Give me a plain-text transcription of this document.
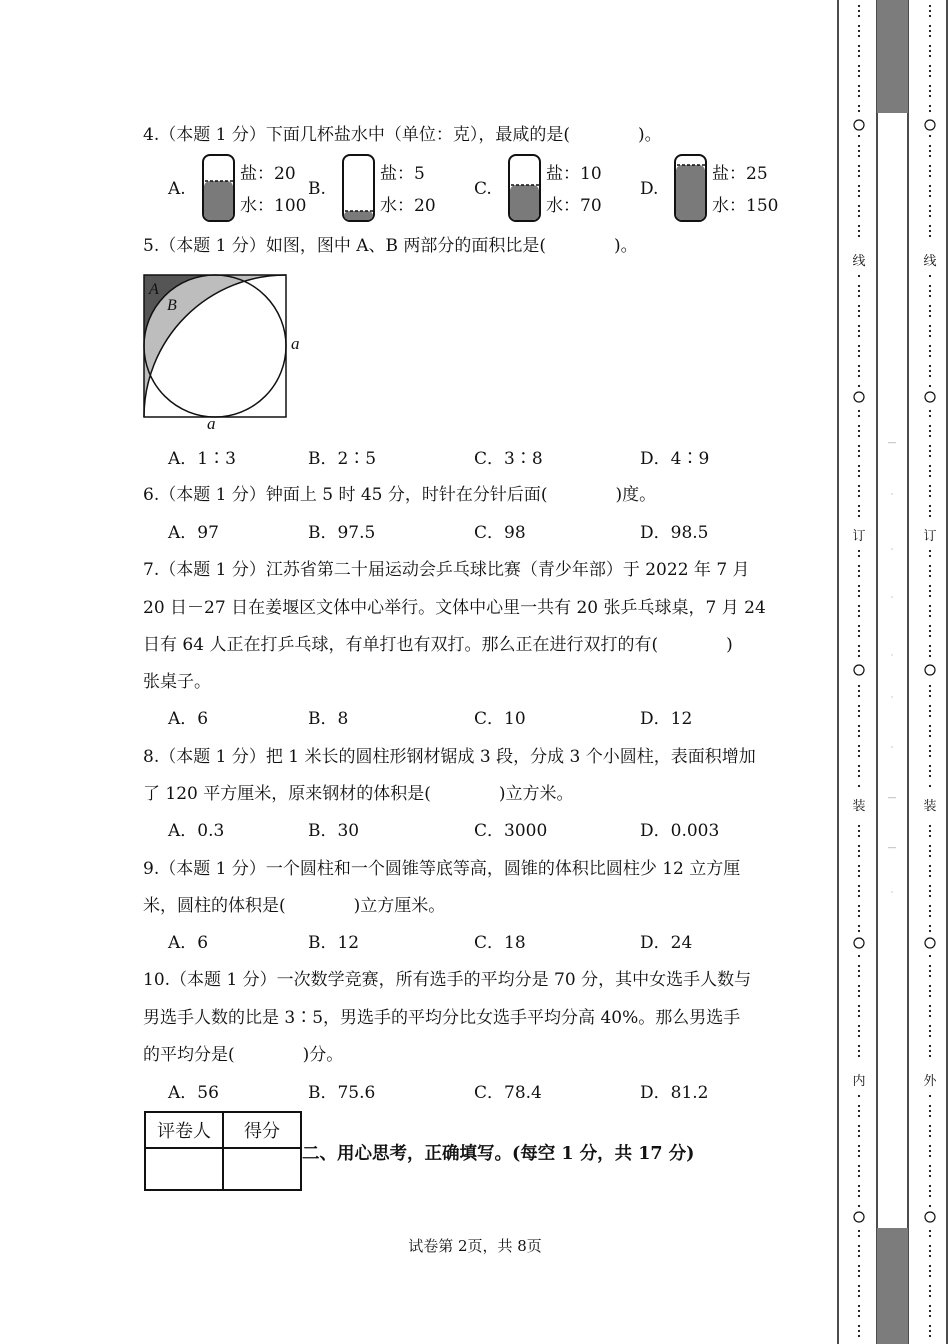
4.（本题 1 分）下面几杯盐水中（单位：克），最咸的是(　　　　)。
A.
盐：20
水：100
B.
盐：5
水：20
C.
盐：10
水：70
D.
盐：25
水：150
5.（本题 1 分）如图，图中 A、B 两部分的面积比是(　　　　)。
A
B
a
a
A．1∶3	B．2∶5	C．3∶8	D．4∶9
6.（本题 1 分）钟面上 5 时 45 分，时针在分针后面(　　　　)度。
A．97	B．97.5	C．98	D．98.5
7.（本题 1 分）江苏省第二十届运动会乒乓球比赛（青少年部）于 2022 年 7 月
20 日－27 日在姜堰区文体中心举行。文体中心里一共有 20 张乒乓球桌，7 月 24
日有 64 人正在打乒乓球，有单打也有双打。那么正在进行双打的有(　　　　)
张桌子。
A．6	B．8	C．10	D．12
8.（本题 1 分）把 1 米长的圆柱形钢材锯成 3 段，分成 3 个小圆柱，表面积增加
了 120 平方厘米，原来钢材的体积是(　　　　)立方米。
A．0.3	B．30	C．3000	D．0.003
9.（本题 1 分）一个圆柱和一个圆锥等底等高，圆锥的体积比圆柱少 12 立方厘
米，圆柱的体积是(　　　　)立方厘米。
A．6	B．12	C．18	D．24
10.（本题 1 分）一次数学竞赛，所有选手的平均分是 70 分，其中女选手人数与
男选手人数的比是 3∶5，男选手的平均分比女选手平均分高 40%。那么男选手
的平均分是(　　　　)分。
A．56	B．75.6	C．78.4	D．81.2
评卷人	得分

二、用心思考，正确填写。(每空 1 分，共 17 分)
试卷第 2页，共 8页
—
·
·
·
·
·
·
—
—
·
线
订
装
内
线
订
装
外
